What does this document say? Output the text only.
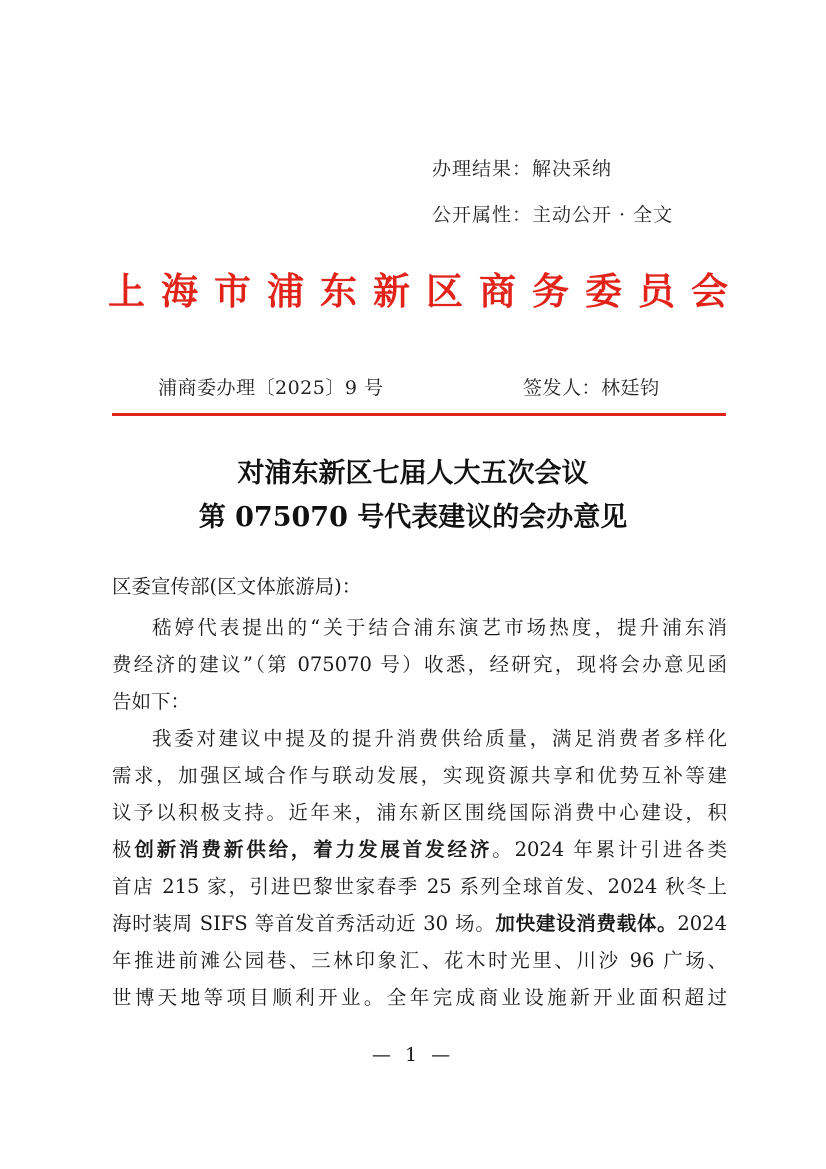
办理结果：解决采纳
公开属性：主动公开 · 全文
上 海 市 浦 东 新 区 商 务 委 员 会
浦商委办理〔2025〕9 号	签发人：林廷钧
对浦东新区七届人大五次会议
第 075070 号代表建议的会办意见
区委宣传部(区文体旅游局)：
嵇婷代表提出的“关于结合浦东演艺市场热度，提升浦东消
费经济的建议”（第 075070 号）收悉，经研究，现将会办意见函
告如下：
我委对建议中提及的提升消费供给质量，满足消费者多样化
需求，加强区域合作与联动发展，实现资源共享和优势互补等建
议予以积极支持。近年来，浦东新区围绕国际消费中心建设，积
极创新消费新供给，着力发展首发经济。2024 年累计引进各类
首店 215 家，引进巴黎世家春季 25 系列全球首发、2024 秋冬上
海时装周 SIFS 等首发首秀活动近 30 场。加快建设消费载体。2024
年推进前滩公园巷、三林印象汇、花木时光里、川沙 96 广场、
世博天地等项目顺利开业。全年完成商业设施新开业面积超过
— 1 —
